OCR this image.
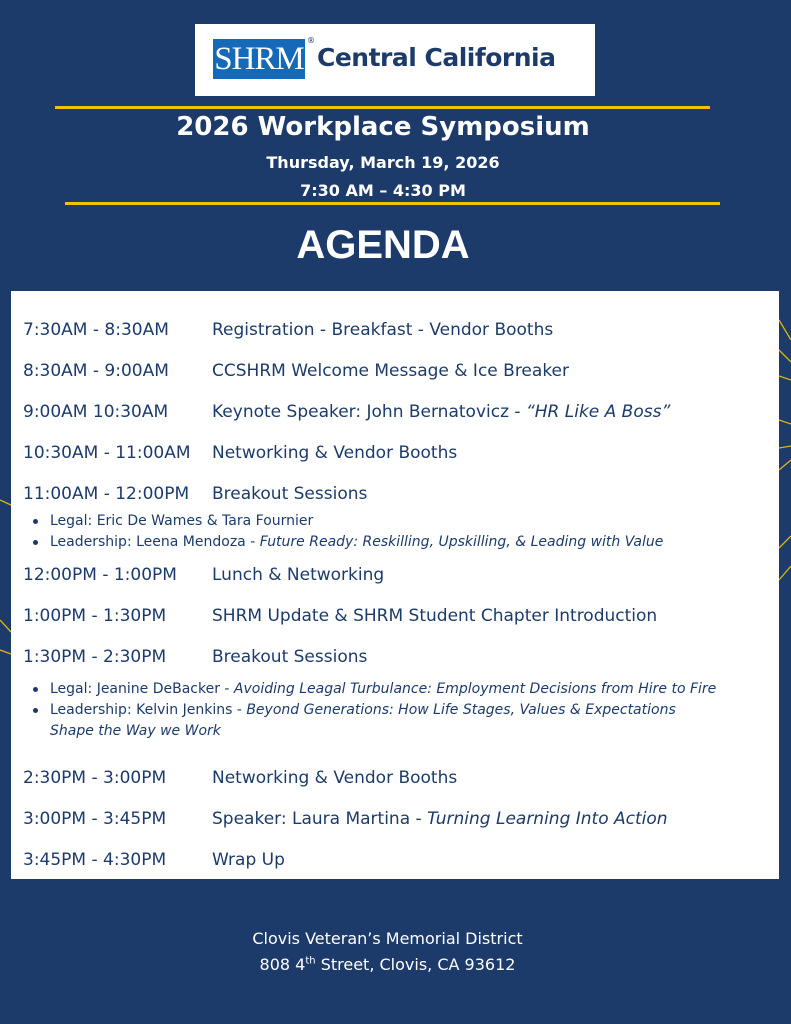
SHRM
®
Central California
2026 Workplace Symposium
Thursday, March 19, 2026
7:30 AM – 4:30 PM
AGENDA
7:30AM - 8:30AM	Registration - Breakfast - Vendor Booths
8:30AM - 9:00AM	CCSHRM Welcome Message & Ice Breaker
9:00AM 10:30AM	Keynote Speaker: John Bernatovicz - “HR Like A Boss”
10:30AM - 11:00AM Networking & Vendor Booths
11:00AM - 12:00PM Breakout Sessions
Legal: Eric De Wames & Tara Fournier
Leadership: Leena Mendoza - Future Ready: Reskilling, Upskilling, & Leading with Value
12:00PM - 1:00PM Lunch & Networking
1:00PM - 1:30PM	SHRM Update & SHRM Student Chapter Introduction
1:30PM - 2:30PM	Breakout Sessions
Legal: Jeanine DeBacker - Avoiding Leagal Turbulance: Employment Decisions from Hire to Fire
Leadership: Kelvin Jenkins - Beyond Generations: How Life Stages, Values & Expectations
Shape the Way we Work
2:30PM - 3:00PM	Networking & Vendor Booths
3:00PM - 3:45PM	Speaker: Laura Martina - Turning Learning Into Action
3:45PM - 4:30PM	Wrap Up
Clovis Veteran’s Memorial District
808 4th Street, Clovis, CA 93612
